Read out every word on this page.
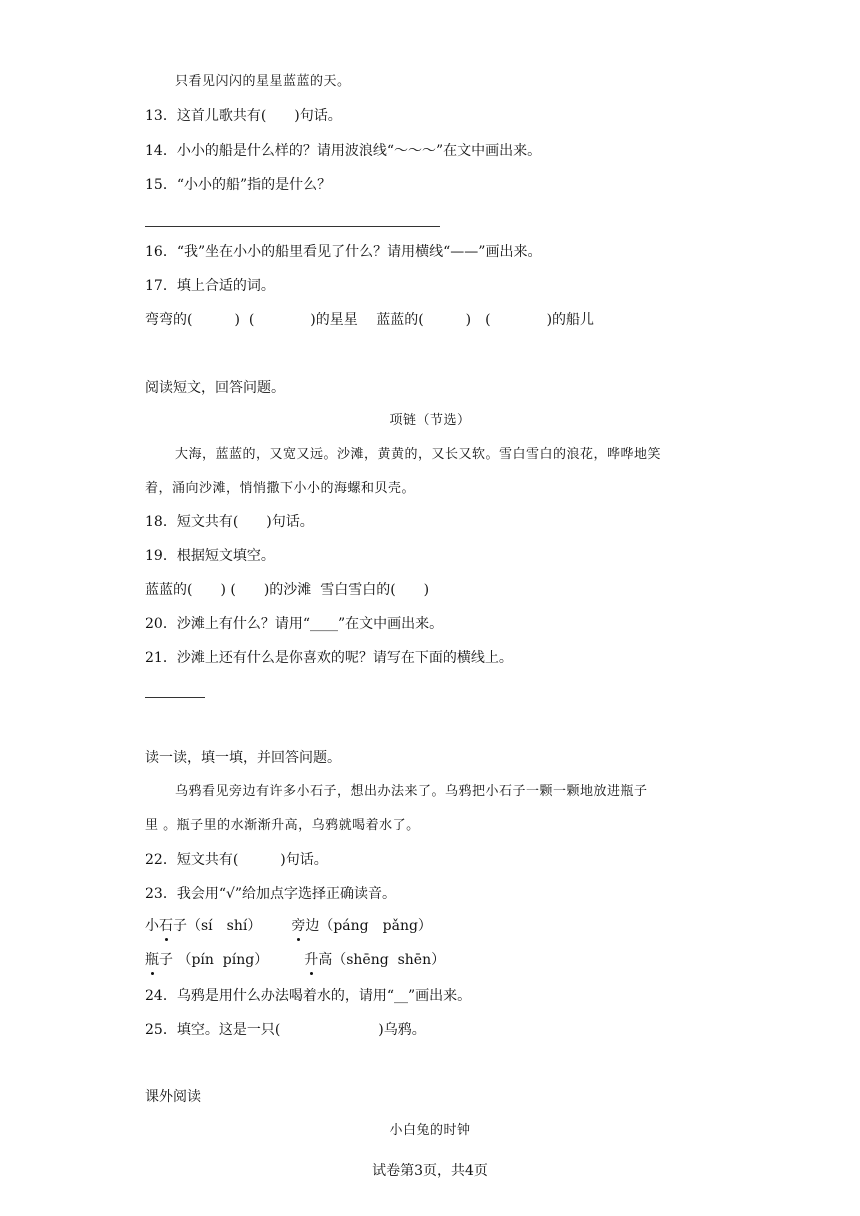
只看见闪闪的星星蓝蓝的天。
13．这首儿歌共有(　　)句话。
14．小小的船是什么样的？请用波浪线“～～～”在文中画出来。
15．“小小的船”指的是什么？
16．“我”坐在小小的船里看见了什么？请用横线“——”画出来。
17．填上合适的词。
弯弯的(　　　)  (　　　　)的星星　 蓝蓝的(　　　)　(　　　　)的船儿
阅读短文，回答问题。
项链（节选）
大海，蓝蓝的，又宽又远。沙滩，黄黄的，又长又软。雪白雪白的浪花，哗哗地笑
着，涌向沙滩，悄悄撒下小小的海螺和贝壳。
18．短文共有(　　)句话。
19．根据短文填空。
蓝蓝的(　　) (　　)的沙滩  雪白雪白的(　　)
20．沙滩上有什么？请用“____”在文中画出来。
21．沙滩上还有什么是你喜欢的呢？请写在下面的横线上。
读一读，填一填，并回答问题。
乌鸦看见旁边有许多小石子，想出办法来了。乌鸦把小石子一颗一颗地放进瓶子
里 。瓶子里的水渐渐升高，乌鸦就喝着水了。
22．短文共有(　　　)句话。
23．我会用“√”给加点字选择正确读音。
小石子（sí　shí） 旁边（páng　pǎng）
瓶子 （pín  píng）	升高（shēng  shēn）
24．乌鸦是用什么办法喝着水的，请用“__”画出来。
25．填空。这是一只(　　　　　　　)乌鸦。
课外阅读
小白兔的时钟
试卷第3页，共4页
